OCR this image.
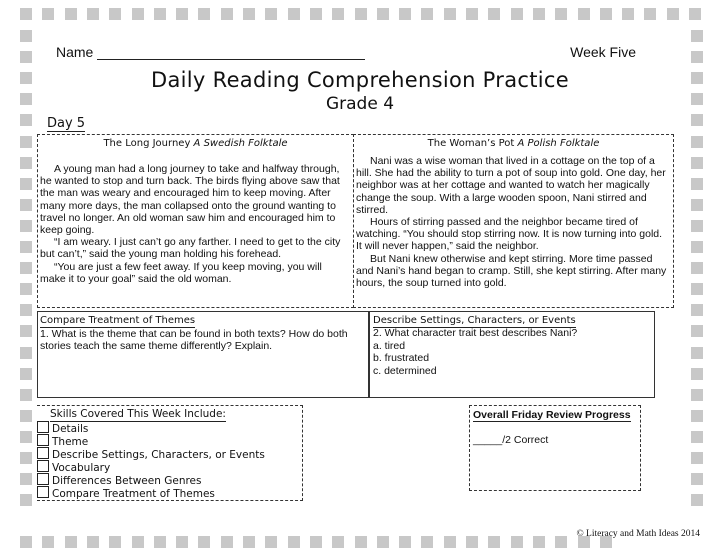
Name	Week Five
Daily Reading Comprehension Practice
Grade 4
Day 5
The Long Journey A Swedish Folktale	The Woman’s Pot A Polish Folktale

A young man had a long journey to take and halfway through, he wanted to stop and turn back. The birds flying above saw that the man was weary and encouraged him to keep moving. After many more days, the man collapsed onto the ground wanting to travel no longer. An old woman saw him and encouraged him to keep going.

“I am weary. I just can’t go any farther. I need to get to the city but can’t,” said the young man holding his forehead.

“You are just a few feet away. If you keep moving, you will make it to your goal” said the old woman.

Nani was a wise woman that lived in a cottage on the top of a hill. She had the ability to turn a pot of soup into gold. One day, her neighbor was at her cottage and wanted to watch her magically change the soup. With a large wooden spoon, Nani stirred and stirred.

Hours of stirring passed and the neighbor became tired of watching. “You should stop stirring now. It is now turning into gold. It will never happen,” said the neighbor.

But Nani knew otherwise and kept stirring. More time passed and Nani’s hand began to cramp. Still, she kept stirring. After many hours, the soup turned into gold.

Compare Treatment of Themes
1. What is the theme that can be found in both texts? How do both stories teach the same theme differently? Explain.
Describe Settings, Characters, or Events
2. What character trait best describes Nani?
a. tired
b. frustrated
c. determined
Skills Covered This Week Include:
Details
Theme
Describe Settings, Characters, or Events
Vocabulary
Differences Between Genres
Compare Treatment of Themes
Overall Friday Review Progress
_____/2 Correct
© Literacy and Math Ideas 2014
